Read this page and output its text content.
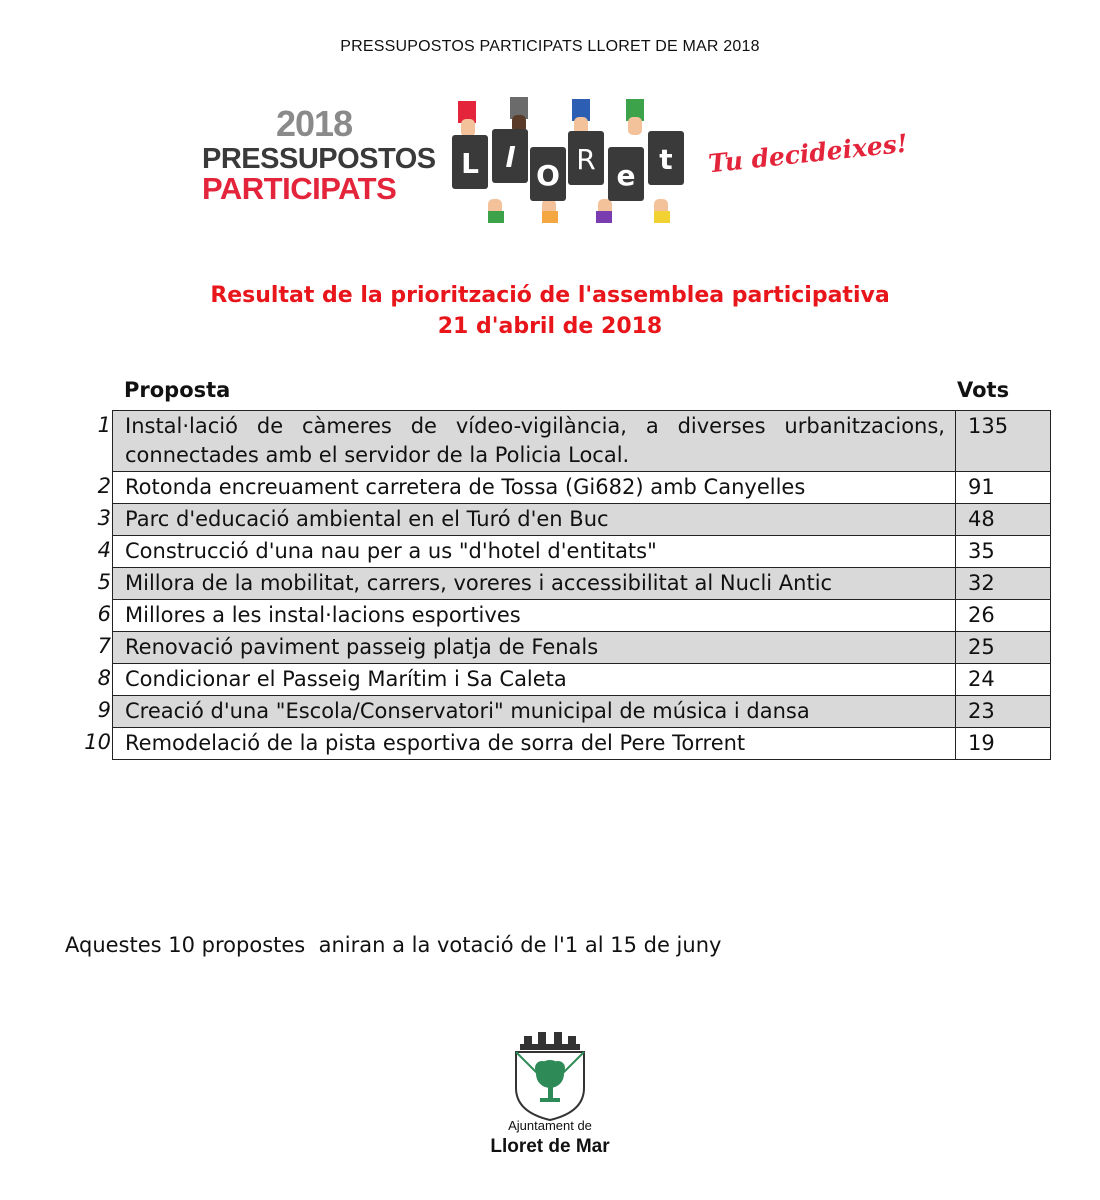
PRESSUPOSTOS PARTICIPATS LLORET DE MAR 2018
2018
PRESSUPOSTOS
PARTICIPATS
L l
O R e t Tu decideixes!
Resultat de la priorització de l'assemblea participativa
21 d'abril de 2018
Proposta	Vots
1	Instal·lació de càmeres de vídeo-vigilància, a diverses urbanitzacions, connectades amb el servidor de la Policia Local.	135
2	Rotonda encreuament carretera de Tossa (Gi682) amb Canyelles	91
3	Parc d'educació ambiental en el Turó d'en Buc	48
4	Construcció d'una nau per a us "d'hotel d'entitats"	35
5	Millora de la mobilitat, carrers, voreres i accessibilitat al Nucli Antic	32
6	Millores a les instal·lacions esportives	26
7	Renovació paviment passeig platja de Fenals	25
8	Condicionar el Passeig Marítim i Sa Caleta	24
9	Creació d'una "Escola/Conservatori" municipal de música i dansa	23
10	Remodelació de la pista esportiva de sorra del Pere Torrent	19
Aquestes 10 propostes  aniran a la votació de l'1 al 15 de juny
Ajuntament de
Lloret de Mar
